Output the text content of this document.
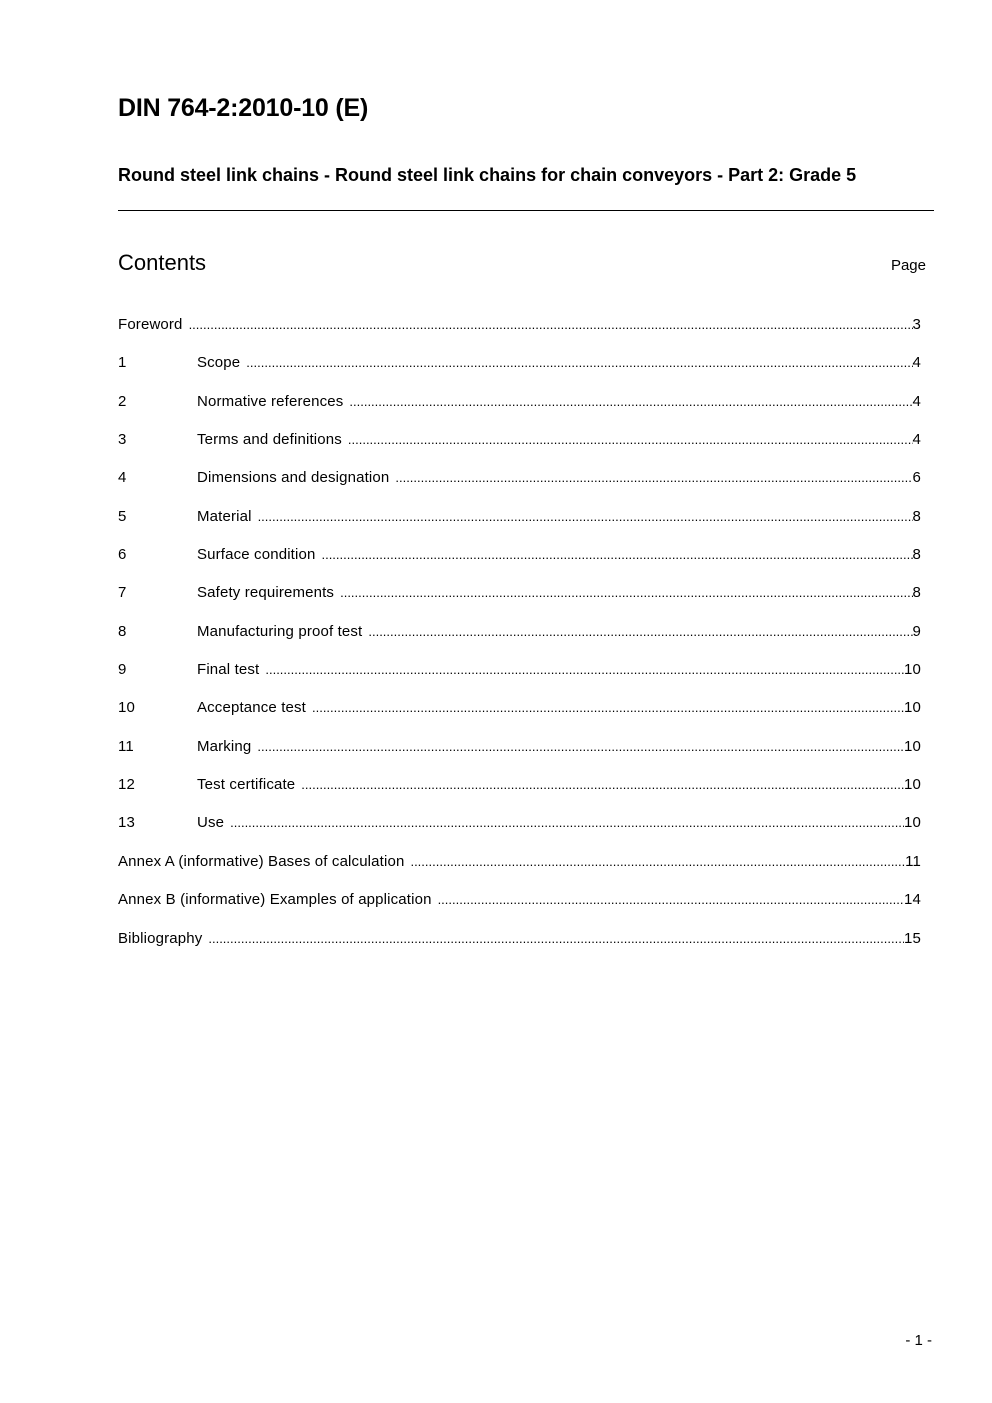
DIN 764-2:2010-10 (E)
Round steel link chains - Round steel link chains for chain conveyors - Part 2: Grade 5
Contents	Page
Foreword .....	3
1	Scope .....	4
2	Normative references .....	4
3	Terms and definitions .....	4
4	Dimensions and designation .....	6
5	Material .....	8
6	Surface condition .....	8
7	Safety requirements .....	8
8	Manufacturing proof test .....	9
9	Final test .....	10
10	Acceptance test .....	10
11	Marking .....	10
12	Test certificate .....	10
13	Use .....	10
Annex A (informative) Bases of calculation .....	11
Annex B (informative) Examples of application .....	14
Bibliography .....	15
- 1 -
